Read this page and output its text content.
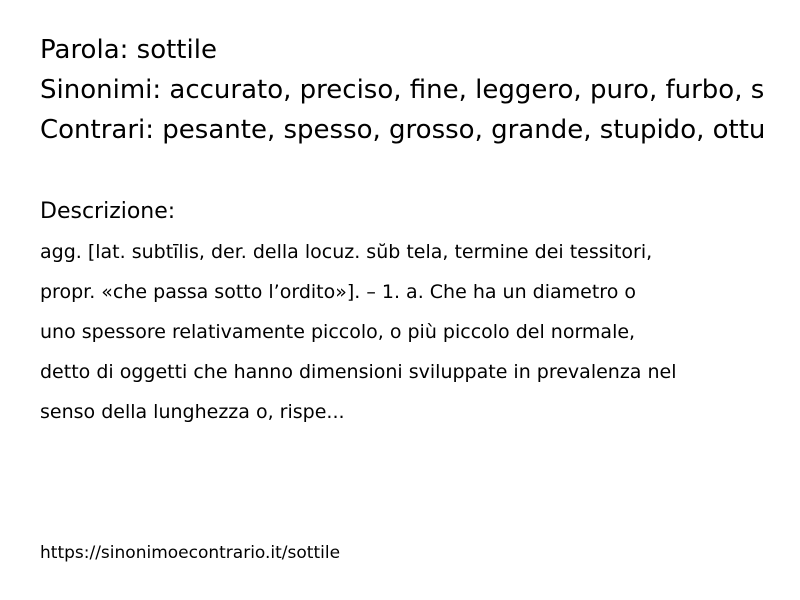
Parola: sottile

Sinonimi: accurato, preciso, fine, leggero, puro, furbo, s

Contrari: pesante, spesso, grosso, grande, stupido, ottu

Descrizione:

agg. [lat. subtīlis, der. della locuz. sŭb tela, termine dei tessitori,

propr. «che passa sotto l’ordito»]. – 1. a. Che ha un diametro o

uno spessore relativamente piccolo, o più piccolo del normale,

detto di oggetti che hanno dimensioni sviluppate in prevalenza nel

senso della lunghezza o, rispe...

https://sinonimoecontrario.it/sottile
